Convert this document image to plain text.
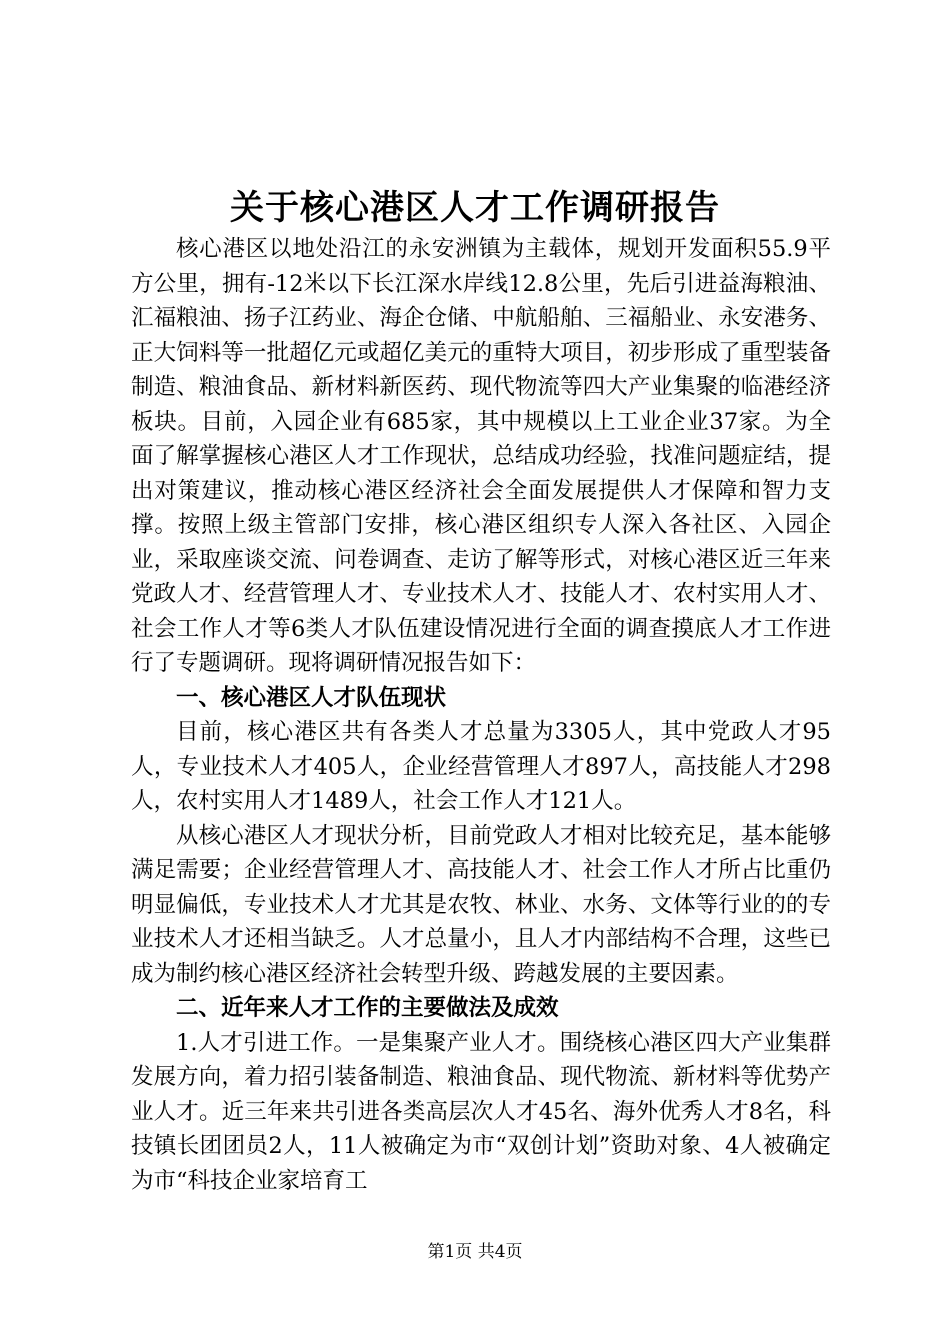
关于核心港区人才工作调研报告

核心港区以地处沿江的永安洲镇为主载体，规划开发面积55.9平方公里，拥有-12米以下长江深水岸线12.8公里，先后引进益海粮油、汇福粮油、扬子江药业、海企仓储、中航船舶、三福船业、永安港务、正大饲料等一批超亿元或超亿美元的重特大项目，初步形成了重型装备制造、粮油食品、新材料新医药、现代物流等四大产业集聚的临港经济板块。目前，入园企业有685家，其中规模以上工业企业37家。为全面了解掌握核心港区人才工作现状，总结成功经验，找准问题症结，提出对策建议，推动核心港区经济社会全面发展提供人才保障和智力支撑。按照上级主管部门安排，核心港区组织专人深入各社区、入园企业，采取座谈交流、问卷调查、走访了解等形式，对核心港区近三年来党政人才、经营管理人才、专业技术人才、技能人才、农村实用人才、社会工作人才等6类人才队伍建设情况进行全面的调查摸底人才工作进行了专题调研。现将调研情况报告如下：

一、核心港区人才队伍现状

目前，核心港区共有各类人才总量为3305人，其中党政人才95人，专业技术人才405人，企业经营管理人才897人，高技能人才298人，农村实用人才1489人，社会工作人才121人。

从核心港区人才现状分析，目前党政人才相对比较充足，基本能够满足需要；企业经营管理人才、高技能人才、社会工作人才所占比重仍明显偏低，专业技术人才尤其是农牧、林业、水务、文体等行业的的专业技术人才还相当缺乏。人才总量小，且人才内部结构不合理，这些已成为制约核心港区经济社会转型升级、跨越发展的主要因素。

二、近年来人才工作的主要做法及成效

1.人才引进工作。一是集聚产业人才。围绕核心港区四大产业集群发展方向，着力招引装备制造、粮油食品、现代物流、新材料等优势产业人才。近三年来共引进各类高层次人才45名、海外优秀人才8名，科技镇长团团员2人，11人被确定为市“双创计划”资助对象、4人被确定为市“科技企业家培育工

第1页 共4页
